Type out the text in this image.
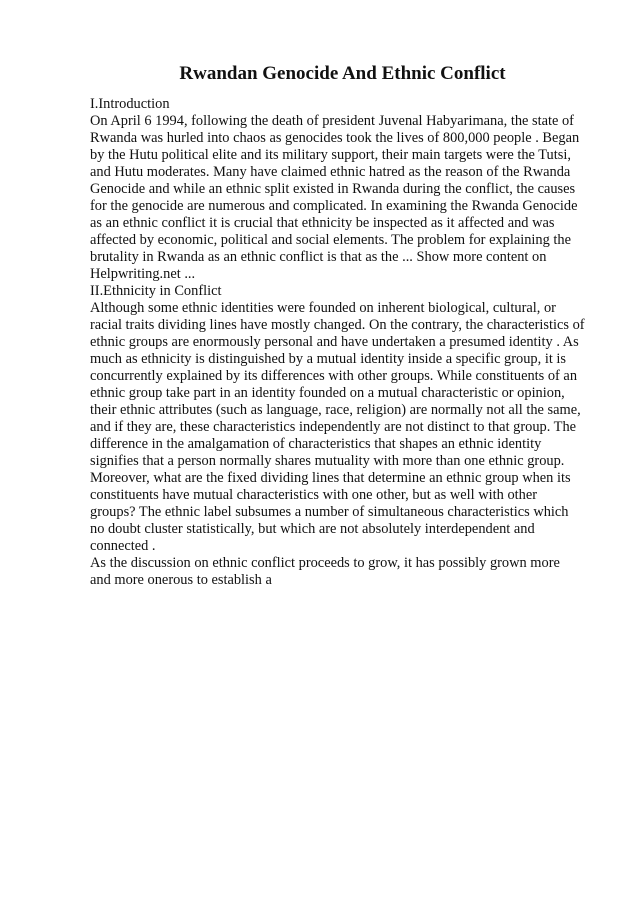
Rwandan Genocide And Ethnic Conflict

I.Introduction

On April 6 1994, following the death of president Juvenal Habyarimana, the state of

Rwanda was hurled into chaos as genocides took the lives of 800,000 people . Began

by the Hutu political elite and its military support, their main targets were the Tutsi,

and Hutu moderates. Many have claimed ethnic hatred as the reason of the Rwanda

Genocide and while an ethnic split existed in Rwanda during the conflict, the causes

for the genocide are numerous and complicated. In examining the Rwanda Genocide

as an ethnic conflict it is crucial that ethnicity be inspected as it affected and was

affected by economic, political and social elements. The problem for explaining the

brutality in Rwanda as an ethnic conflict is that as the ... Show more content on

Helpwriting.net ...

II.Ethnicity in Conflict

Although some ethnic identities were founded on inherent biological, cultural, or

racial traits dividing lines have mostly changed. On the contrary, the characteristics of

ethnic groups are enormously personal and have undertaken a presumed identity . As

much as ethnicity is distinguished by a mutual identity inside a specific group, it is

concurrently explained by its differences with other groups. While constituents of an

ethnic group take part in an identity founded on a mutual characteristic or opinion,

their ethnic attributes (such as language, race, religion) are normally not all the same,

and if they are, these characteristics independently are not distinct to that group. The

difference in the amalgamation of characteristics that shapes an ethnic identity

signifies that a person normally shares mutuality with more than one ethnic group.

Moreover, what are the fixed dividing lines that determine an ethnic group when its

constituents have mutual characteristics with one other, but as well with other

groups? The ethnic label subsumes a number of simultaneous characteristics which

no doubt cluster statistically, but which are not absolutely interdependent and

connected .

As the discussion on ethnic conflict proceeds to grow, it has possibly grown more

and more onerous to establish a
